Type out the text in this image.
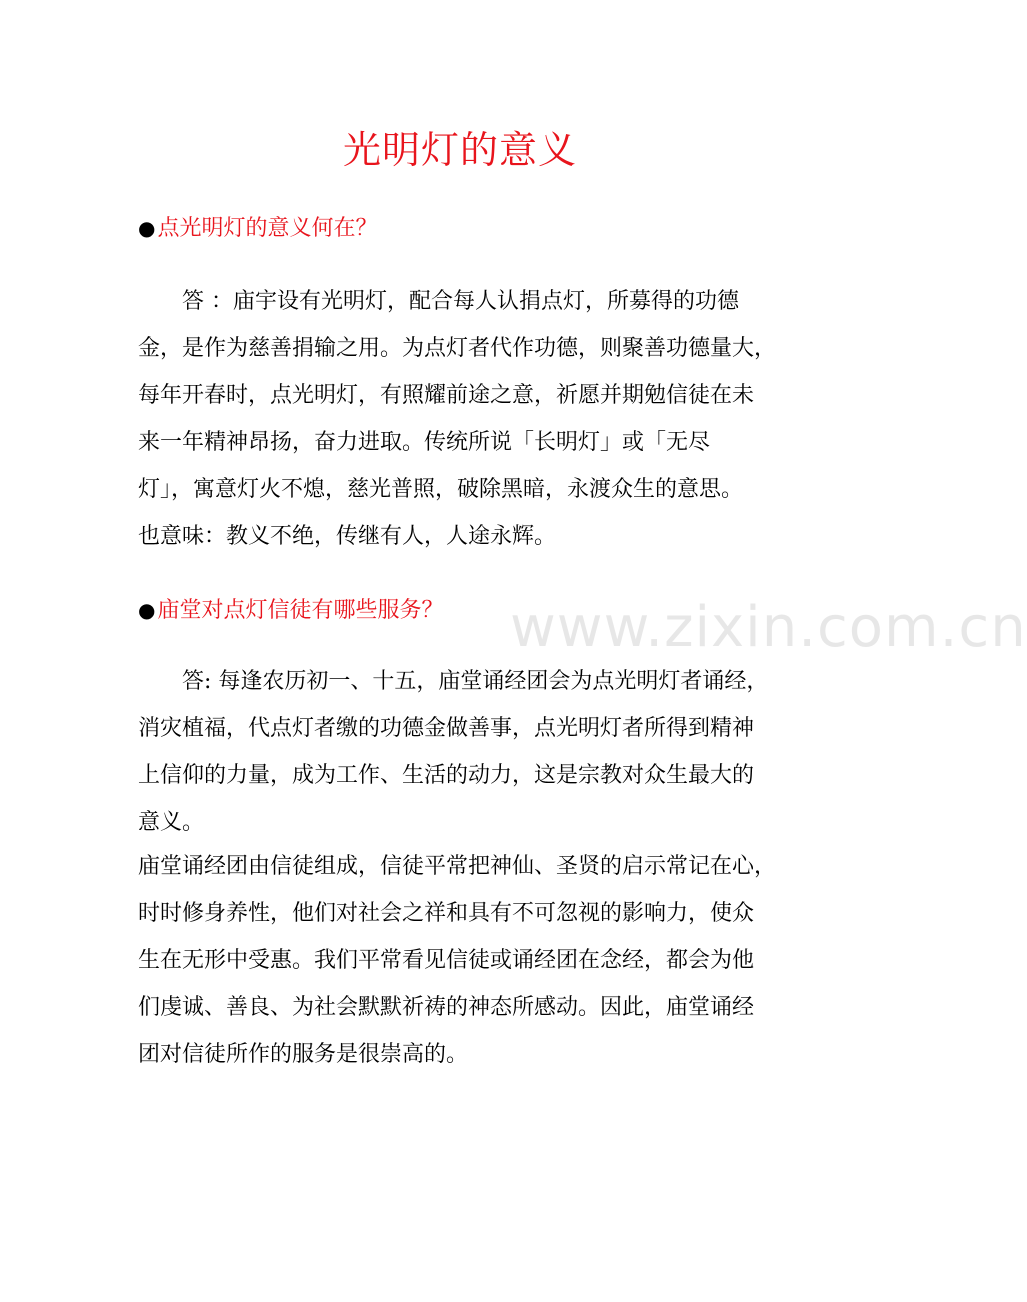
光明灯的意义
●点光明灯的意义何在？
　　答 ：庙宇设有光明灯，配合每人认捐点灯，所募得的功德
金，是作为慈善捐输之用。为点灯者代作功德，则聚善功德量大，
每年开春时，点光明灯，有照耀前途之意，祈愿并期勉信徒在未
来一年精神昂扬，奋力进取。传统所说「长明灯」或「无尽
灯」，寓意灯火不熄，慈光普照，破除黑暗，永渡众生的意思。
也意味：教义不绝，传继有人，人途永辉。
●庙堂对点灯信徒有哪些服务？
　　答: 每逢农历初一、十五，庙堂诵经团会为点光明灯者诵经，
消灾植福，代点灯者缴的功德金做善事，点光明灯者所得到精神
上信仰的力量，成为工作、生活的动力，这是宗教对众生最大的
意义。
庙堂诵经团由信徒组成，信徒平常把神仙、圣贤的启示常记在心，
时时修身养性，他们对社会之祥和具有不可忽视的影响力，使众
生在无形中受惠。我们平常看见信徒或诵经团在念经，都会为他
们虔诚、善良、为社会默默祈祷的神态所感动。因此，庙堂诵经
团对信徒所作的服务是很崇高的。
www.zixin.com.cn
